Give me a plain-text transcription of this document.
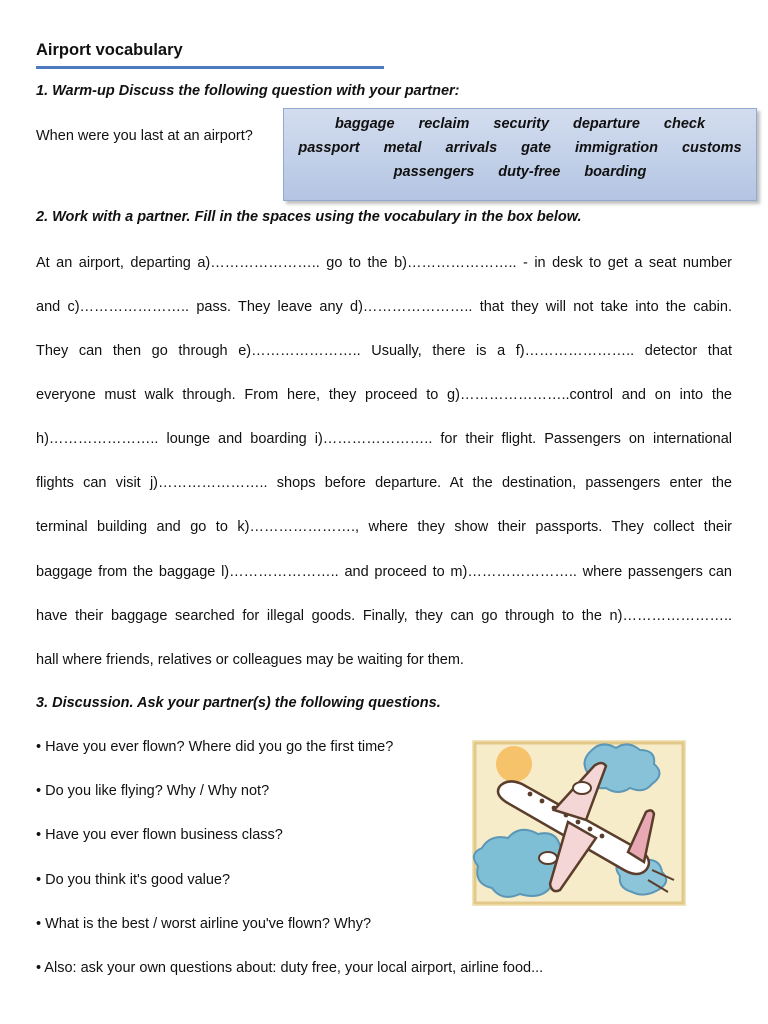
Airport vocabulary
1. Warm-up Discuss the following question with your partner:
When were you last at an airport?
baggage reclaim security departure check
passport metal arrivals gate immigration customs
passengers duty-free boarding
2. Work with a partner. Fill in the spaces using the vocabulary in the box below.
At an airport, departing a)………………….. go to the b)………………….. - in desk to get a seat number
and c)………………….. pass. They leave any d)………………….. that they will not take into the cabin.
They can then go through e)………………….. Usually, there is a f)………………….. detector that
everyone must walk through. From here, they proceed to g)…………………..control and on into the
h)………………….. lounge and boarding i)………………….. for their flight. Passengers on international
flights can visit j)………………….. shops before departure. At the destination, passengers enter the
terminal building and go to k)…………………., where they show their passports. They collect their
baggage from the baggage l)………………….. and proceed to m)………………….. where passengers can
have their baggage searched for illegal goods. Finally, they can go through to the n)…………………..
hall where friends, relatives or colleagues may be waiting for them.
3. Discussion. Ask your partner(s) the following questions.
• Have you ever flown? Where did you go the first time?
• Do you like flying? Why / Why not?
• Have you ever flown business class?
• Do you think it's good value?
• What is the best / worst airline you've flown? Why?
• Also: ask your own questions about: duty free, your local airport, airline food...
